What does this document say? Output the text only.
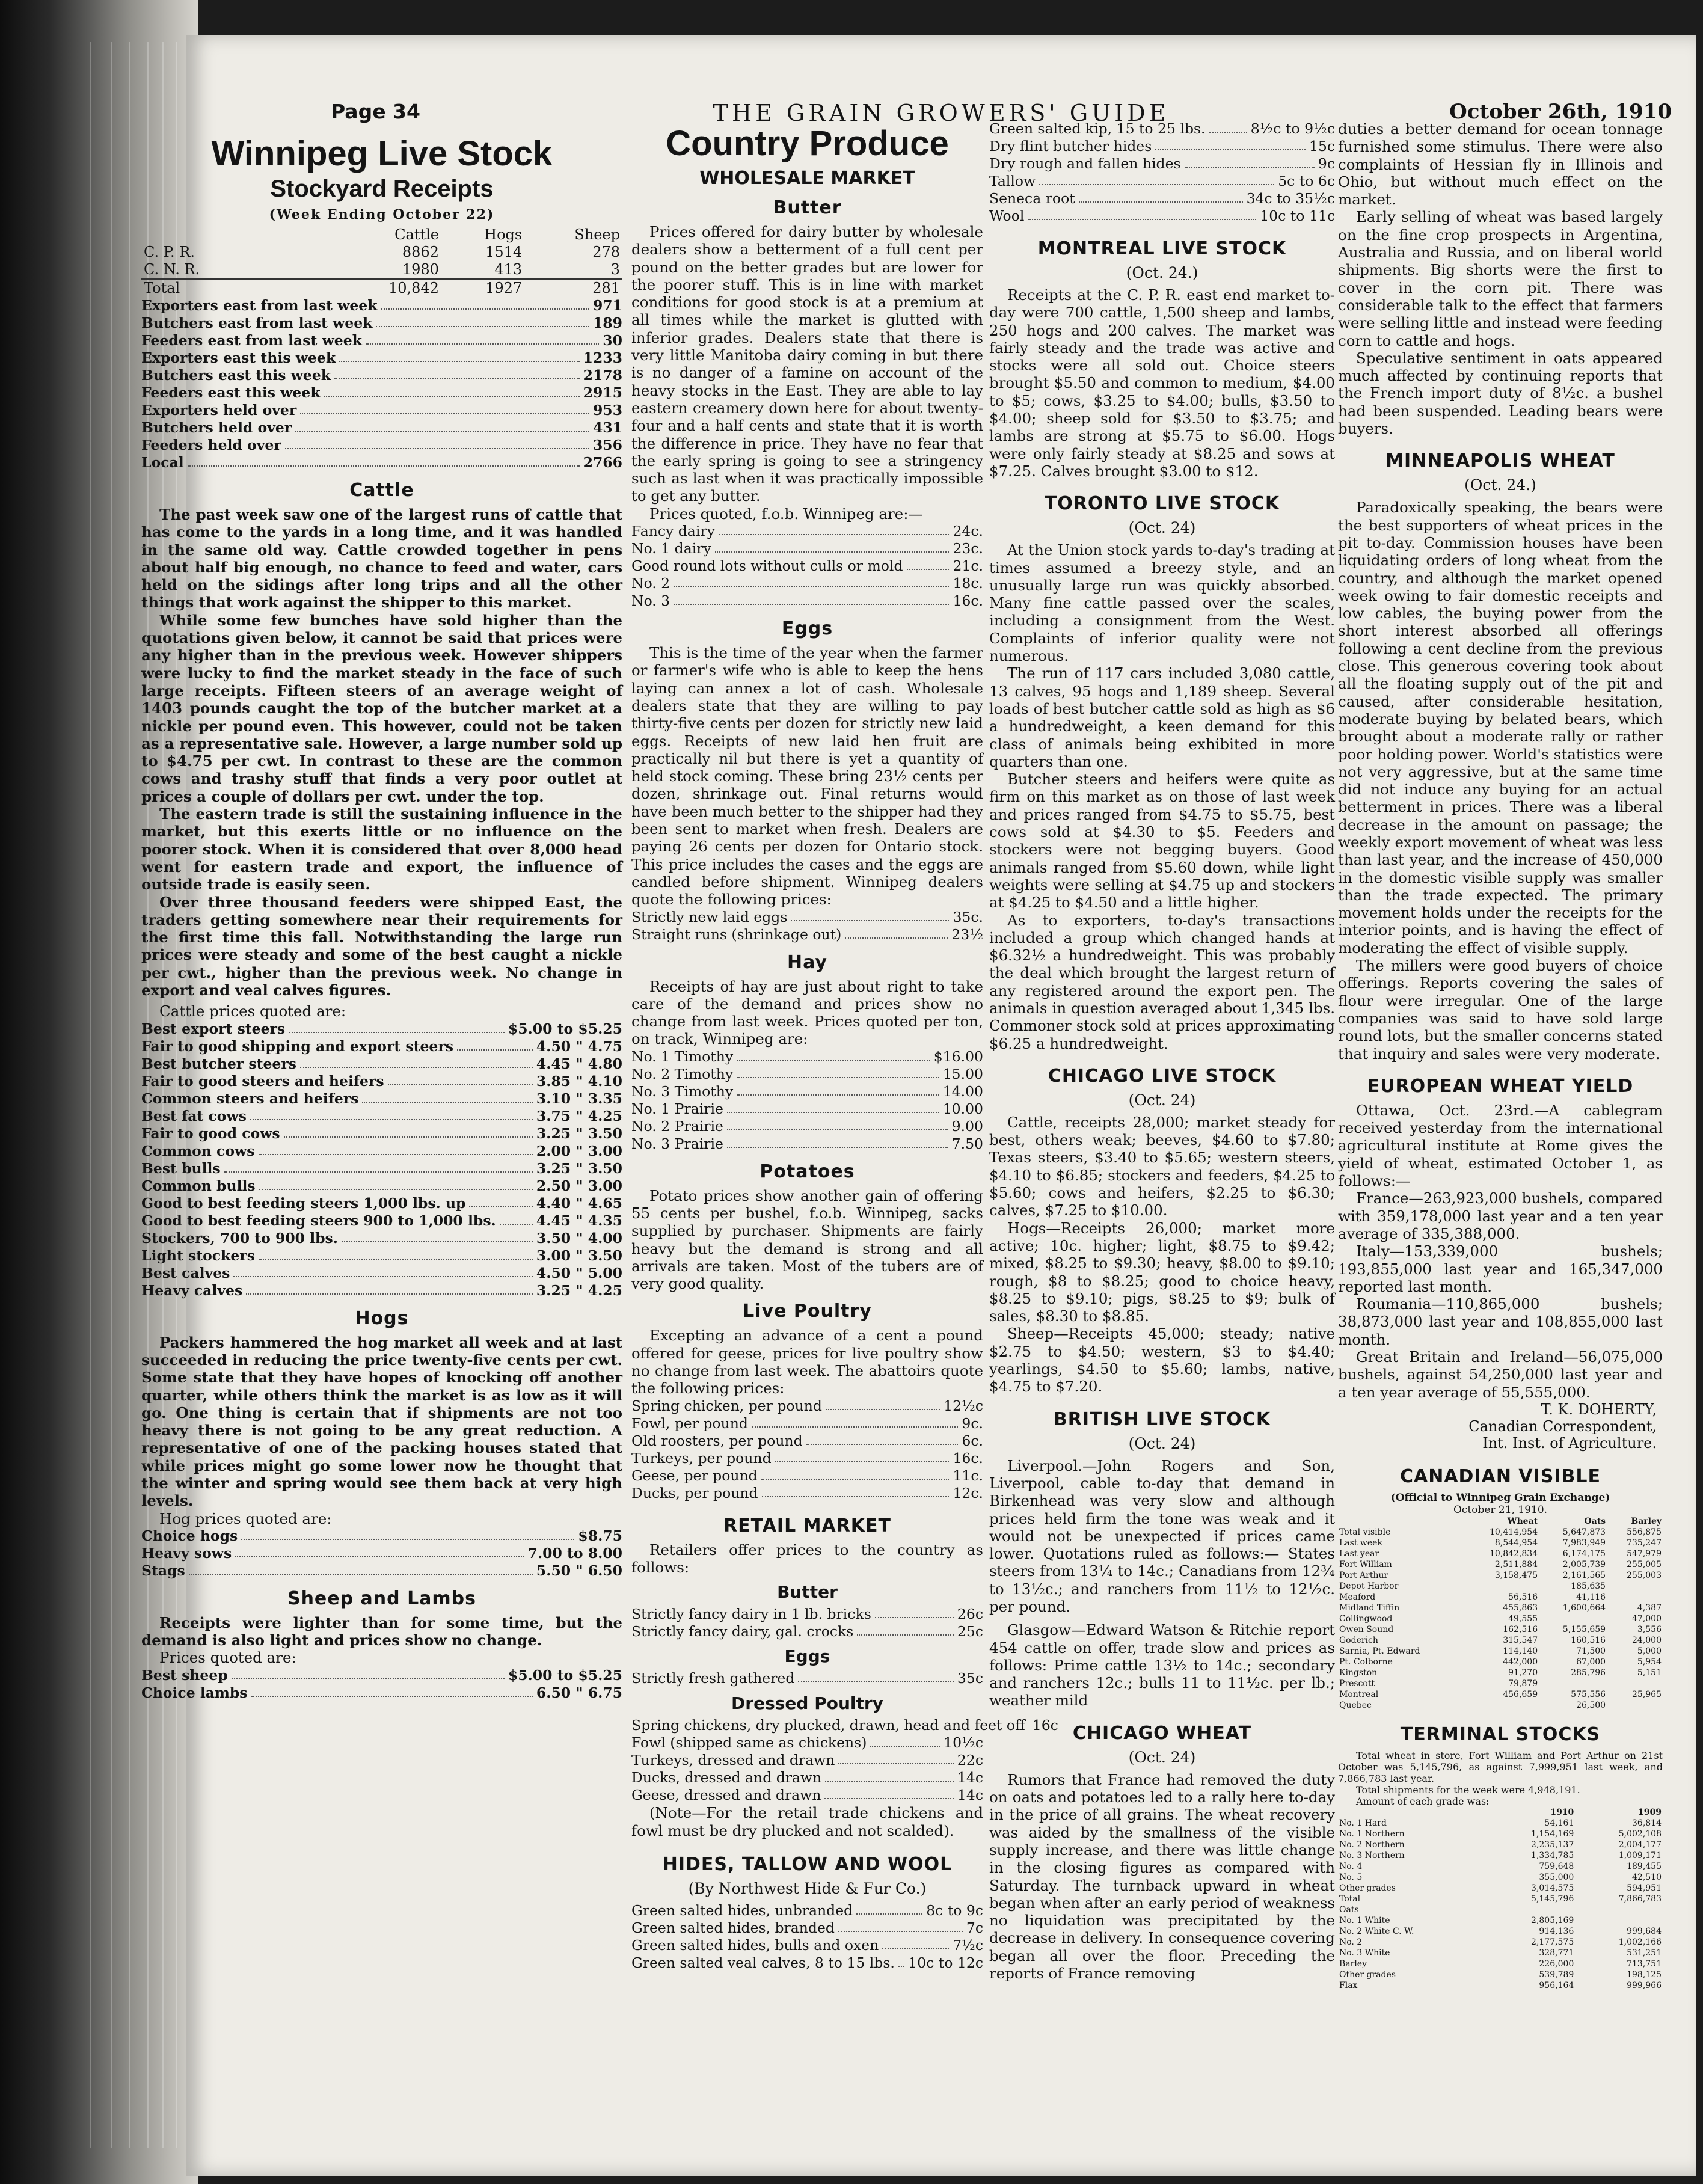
Page 34	THE GRAIN GROWERS' GUIDE	October 26th, 1910
Winnipeg Live Stock
Stockyard Receipts
(Week Ending October 22)
	Cattle	Hogs	Sheep
C. P. R.	8862	1514	278
C. N. R.	1980	413	3
Total	10,842	1927	281
Exporters east from last week	971
Butchers east from last week	189
Feeders east from last week	30
Exporters east this week	1233
Butchers east this week	2178
Feeders east this week	2915
Exporters held over	953
Butchers held over	431
Feeders held over	356
Local	2766
Cattle

The past week saw one of the largest runs of cattle that has come to the yards in a long time, and it was handled in the same old way. Cattle crowded together in pens about half big enough, no chance to feed and water, cars held on the sidings after long trips and all the other things that work against the shipper to this market.

While some few bunches have sold higher than the quotations given below, it cannot be said that prices were any higher than in the previous week. However shippers were lucky to find the market steady in the face of such large receipts. Fifteen steers of an average weight of 1403 pounds caught the top of the butcher market at a nickle per pound even. This however, could not be taken as a representative sale. However, a large number sold up to $4.75 per cwt. In contrast to these are the common cows and trashy stuff that finds a very poor outlet at prices a couple of dollars per cwt. under the top.

The eastern trade is still the sustaining influence in the market, but this exerts little or no influence on the poorer stock. When it is considered that over 8,000 head went for eastern trade and export, the influence of outside trade is easily seen.

Over three thousand feeders were shipped East, the traders getting somewhere near their requirements for the first time this fall. Notwithstanding the large run prices were steady and some of the best caught a nickle per cwt., higher than the previous week. No change in export and veal calves figures.

Cattle prices quoted are:

Best export steers	$5.00 to $5.25
Fair to good shipping and export steers	4.50 " 4.75
Best butcher steers	4.45 " 4.80
Fair to good steers and heifers	3.85 " 4.10
Common steers and heifers	3.10 " 3.35
Best fat cows	3.75 " 4.25
Fair to good cows	3.25 " 3.50
Common cows	2.00 " 3.00
Best bulls	3.25 " 3.50
Common bulls	2.50 " 3.00
Good to best feeding steers 1,000 lbs. up	4.40 " 4.65
Good to best feeding steers 900 to 1,000 lbs.	4.45 " 4.35
Stockers, 700 to 900 lbs.	3.50 " 4.00
Light stockers	3.00 " 3.50
Best calves	4.50 " 5.00
Heavy calves	3.25 " 4.25
Hogs

Packers hammered the hog market all week and at last succeeded in reducing the price twenty-five cents per cwt. Some state that they have hopes of knocking off another quarter, while others think the market is as low as it will go. One thing is certain that if shipments are not too heavy there is not going to be any great reduction. A representative of one of the packing houses stated that while prices might go some lower now he thought that the winter and spring would see them back at very high levels.

Hog prices quoted are:

Choice hogs	$8.75
Heavy sows	7.00 to 8.00
Stags	5.50 " 6.50
Sheep and Lambs

Receipts were lighter than for some time, but the demand is also light and prices show no change.

Prices quoted are:

Best sheep	$5.00 to $5.25
Choice lambs	6.50 " 6.75
Country Produce
WHOLESALE MARKET
Butter

Prices offered for dairy butter by wholesale dealers show a betterment of a full cent per pound on the better grades but are lower for the poorer stuff. This is in line with market conditions for good stock is at a premium at all times while the market is glutted with inferior grades. Dealers state that there is very little Manitoba dairy coming in but there is no danger of a famine on account of the heavy stocks in the East. They are able to lay eastern creamery down here for about twenty-four and a half cents and state that it is worth the difference in price. They have no fear that the early spring is going to see a stringency such as last when it was practically impossible to get any butter.

Prices quoted, f.o.b. Winnipeg are:—

Fancy dairy	24c.
No. 1 dairy	23c.
Good round lots without culls or mold	21c.
No. 2	18c.
No. 3	16c.
Eggs

This is the time of the year when the farmer or farmer's wife who is able to keep the hens laying can annex a lot of cash. Wholesale dealers state that they are willing to pay thirty-five cents per dozen for strictly new laid eggs. Receipts of new laid hen fruit are practically nil but there is yet a quantity of held stock coming. These bring 23½ cents per dozen, shrinkage out. Final returns would have been much better to the shipper had they been sent to market when fresh. Dealers are paying 26 cents per dozen for Ontario stock. This price includes the cases and the eggs are candled before shipment. Winnipeg dealers quote the following prices:

Strictly new laid eggs	35c.
Straight runs (shrinkage out)	23½
Hay

Receipts of hay are just about right to take care of the demand and prices show no change from last week. Prices quoted per ton, on track, Winnipeg are:

No. 1 Timothy	$16.00
No. 2 Timothy	15.00
No. 3 Timothy	14.00
No. 1 Prairie	10.00
No. 2 Prairie	9.00
No. 3 Prairie	7.50
Potatoes

Potato prices show another gain of offering 55 cents per bushel, f.o.b. Winnipeg, sacks supplied by purchaser. Shipments are fairly heavy but the demand is strong and all arrivals are taken. Most of the tubers are of very good quality.

Live Poultry

Excepting an advance of a cent a pound offered for geese, prices for live poultry show no change from last week. The abattoirs quote the following prices:

Spring chicken, per pound	12½c
Fowl, per pound	9c.
Old roosters, per pound	6c.
Turkeys, per pound	16c.
Geese, per pound	11c.
Ducks, per pound	12c.
RETAIL MARKET

Retailers offer prices to the country as follows:

Butter
Strictly fancy dairy in 1 lb. bricks	26c
Strictly fancy dairy, gal. crocks	25c
Eggs
Strictly fresh gathered	35c
Dressed Poultry
Spring chickens, dry plucked, drawn, head and feet off 16c
Fowl (shipped same as chickens)	10½c
Turkeys, dressed and drawn	22c
Ducks, dressed and drawn	14c
Geese, dressed and drawn	14c

(Note—For the retail trade chickens and fowl must be dry plucked and not scalded).

HIDES, TALLOW AND WOOL
(By Northwest Hide & Fur Co.)
Green salted hides, unbranded	8c to 9c
Green salted hides, branded	7c
Green salted hides, bulls and oxen	7½c
Green salted veal calves, 8 to 15 lbs. 10c to 12c
Green salted kip, 15 to 25 lbs.	8½c to 9½c
Dry flint butcher hides	15c
Dry rough and fallen hides	9c
Tallow	5c to 6c
Seneca root	34c to 35½c
Wool	10c to 11c
MONTREAL LIVE STOCK
(Oct. 24.)

Receipts at the C. P. R. east end market to-day were 700 cattle, 1,500 sheep and lambs, 250 hogs and 200 calves. The market was fairly steady and the trade was active and stocks were all sold out. Choice steers brought $5.50 and common to medium, $4.00 to $5; cows, $3.25 to $4.00; bulls, $3.50 to $4.00; sheep sold for $3.50 to $3.75; and lambs are strong at $5.75 to $6.00. Hogs were only fairly steady at $8.25 and sows at $7.25. Calves brought $3.00 to $12.

TORONTO LIVE STOCK
(Oct. 24)

At the Union stock yards to-day's trading at times assumed a breezy style, and an unusually large run was quickly absorbed. Many fine cattle passed over the scales, including a consignment from the West. Complaints of inferior quality were not numerous.

The run of 117 cars included 3,080 cattle, 13 calves, 95 hogs and 1,189 sheep. Several loads of best butcher cattle sold as high as $6 a hundredweight, a keen demand for this class of animals being exhibited in more quarters than one.

Butcher steers and heifers were quite as firm on this market as on those of last week and prices ranged from $4.75 to $5.75, best cows sold at $4.30 to $5. Feeders and stockers were not begging buyers. Good animals ranged from $5.60 down, while light weights were selling at $4.75 up and stockers at $4.25 to $4.50 and a little higher.

As to exporters, to-day's transactions included a group which changed hands at $6.32½ a hundredweight. This was probably the deal which brought the largest return of any registered around the export pen. The animals in question averaged about 1,345 lbs. Commoner stock sold at prices approximating $6.25 a hundredweight.

CHICAGO LIVE STOCK
(Oct. 24)

Cattle, receipts 28,000; market steady for best, others weak; beeves, $4.60 to $7.80; Texas steers, $3.40 to $5.65; western steers, $4.10 to $6.85; stockers and feeders, $4.25 to $5.60; cows and heifers, $2.25 to $6.30; calves, $7.25 to $10.00.

Hogs—Receipts 26,000; market more active; 10c. higher; light, $8.75 to $9.42; mixed, $8.25 to $9.30; heavy, $8.00 to $9.10; rough, $8 to $8.25; good to choice heavy, $8.25 to $9.10; pigs, $8.25 to $9; bulk of sales, $8.30 to $8.85.

Sheep—Receipts 45,000; steady; native $2.75 to $4.50; western, $3 to $4.40; yearlings, $4.50 to $5.60; lambs, native, $4.75 to $7.20.

BRITISH LIVE STOCK
(Oct. 24)

Liverpool.—John Rogers and Son, Liverpool, cable to-day that demand in Birkenhead was very slow and although prices held firm the tone was weak and it would not be unexpected if prices came lower. Quotations ruled as follows:— States steers from 13¼ to 14c.; Canadians from 12¾ to 13½c.; and ranchers from 11½ to 12½c. per pound.

Glasgow—Edward Watson & Ritchie report 454 cattle on offer, trade slow and prices as follows: Prime cattle 13½ to 14c.; secondary and ranchers 12c.; bulls 11 to 11½c. per lb.; weather mild

CHICAGO WHEAT
(Oct. 24)

Rumors that France had removed the duty on oats and potatoes led to a rally here to-day in the price of all grains. The wheat recovery was aided by the smallness of the visible supply increase, and there was little change in the closing figures as compared with Saturday. The turnback upward in wheat began when after an early period of weakness no liquidation was precipitated by the decrease in delivery. In consequence covering began all over the floor. Preceding the reports of France removing

duties a better demand for ocean tonnage furnished some stimulus. There were also complaints of Hessian fly in Illinois and Ohio, but without much effect on the market.

Early selling of wheat was based largely on the fine crop prospects in Argentina, Australia and Russia, and on liberal world shipments. Big shorts were the first to cover in the corn pit. There was considerable talk to the effect that farmers were selling little and instead were feeding corn to cattle and hogs.

Speculative sentiment in oats appeared much affected by continuing reports that the French import duty of 8½c. a bushel had been suspended. Leading bears were buyers.

MINNEAPOLIS WHEAT
(Oct. 24.)

Paradoxically speaking, the bears were the best supporters of wheat prices in the pit to-day. Commission houses have been liquidating orders of long wheat from the country, and although the market opened week owing to fair domestic receipts and low cables, the buying power from the short interest absorbed all offerings following a cent decline from the previous close. This generous covering took about all the floating supply out of the pit and caused, after considerable hesitation, moderate buying by belated bears, which brought about a moderate rally or rather poor holding power. World's statistics were not very aggressive, but at the same time did not induce any buying for an actual betterment in prices. There was a liberal decrease in the amount on passage; the weekly export movement of wheat was less than last year, and the increase of 450,000 in the domestic visible supply was smaller than the trade expected. The primary movement holds under the receipts for the interior points, and is having the effect of moderating the effect of visible supply.

The millers were good buyers of choice offerings. Reports covering the sales of flour were irregular. One of the large companies was said to have sold large round lots, but the smaller concerns stated that inquiry and sales were very moderate.

EUROPEAN WHEAT YIELD

Ottawa, Oct. 23rd.—A cablegram received yesterday from the international agricultural institute at Rome gives the yield of wheat, estimated October 1, as follows:—

France—263,923,000 bushels, compared with 359,178,000 last year and a ten year average of 335,388,000.

Italy—153,339,000 bushels; 193,855,000 last year and 165,347,000 reported last month.

Roumania—110,865,000 bushels; 38,873,000 last year and 108,855,000 last month.

Great Britain and Ireland—56,075,000 bushels, against 54,250,000 last year and a ten year average of 55,555,000.

T. K. DOHERTY,
Canadian Correspondent,
Int. Inst. of Agriculture.
CANADIAN VISIBLE
(Official to Winnipeg Grain Exchange)
October 21, 1910.
	Wheat	Oats	Barley
Total visible	10,414,954	5,647,873	556,875
Last week	8,544,954	7,983,949	735,247
Last year	10,842,834	6,174,175	547,979
Fort William	2,511,884	2,005,739	255,005
Port Arthur	3,158,475	2,161,565	255,003
Depot Harbor		185,635	
Meaford	56,516	41,116	
Midland Tiffin	455,863	1,600,664	4,387
Collingwood	49,555		47,000
Owen Sound	162,516	5,155,659	3,556
Goderich	315,547	160,516	24,000
Sarnia, Pt. Edward	114,140	71,500	5,000
Pt. Colborne	442,000	67,000	5,954
Kingston	91,270	285,796	5,151
Prescott	79,879		
Montreal	456,659	575,556	25,965
Quebec		26,500	
TERMINAL STOCKS

Total wheat in store, Fort William and Port Arthur on 21st October was 5,145,796, as against 7,999,951 last week, and 7,866,783 last year.

Total shipments for the week were 4,948,191.

Amount of each grade was:

	1910	1909
No. 1 Hard	54,161	36,814
No. 1 Northern	1,154,169	5,002,108
No. 2 Northern	2,235,137	2,004,177
No. 3 Northern	1,334,785	1,009,171
No. 4	759,648	189,455
No. 5	355,000	42,510
Other grades	3,014,575	594,951
Total	5,145,796	7,866,783
Oats		
No. 1 White	2,805,169	
No. 2 White C. W.	914,136	999,684
No. 2	2,177,575	1,002,166
No. 3 White	328,771	531,251
Barley	226,000	713,751
Other grades	539,789	198,125
Flax	956,164	999,966
